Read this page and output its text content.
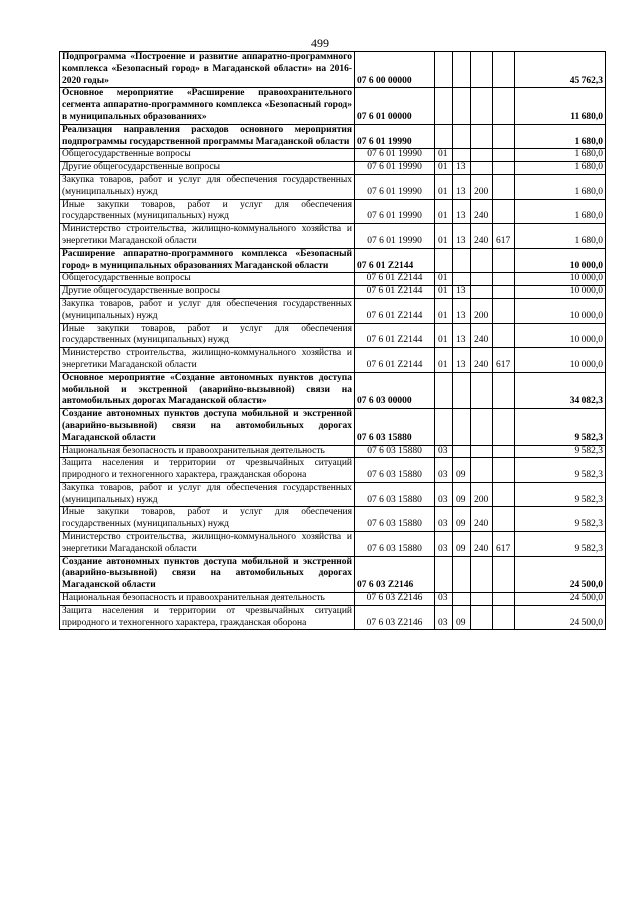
499
Подпрограмма «Построение и развитие аппаратно-программного комплекса «Безопасный город» в Магаданской области» на 2016-2020 годы»	07 6 00 00000					45 762,3
Основное мероприятие «Расширение правоохранительного сегмента аппаратно-программного комплекса «Безопасный город» в муниципальных образованиях»	07 6 01 00000					11 680,0
Реализация направления расходов основного мероприятия подпрограммы государственной программы Магаданской области	07 6 01 19990					1 680,0
Общегосударственные вопросы	07 6 01 19990	01				1 680,0
Другие общегосударственные вопросы	07 6 01 19990	01	13			1 680,0
Закупка товаров, работ и услуг для обеспечения государственных (муниципальных) нужд	07 6 01 19990	01	13	200		1 680,0
Иные закупки товаров, работ и услуг для обеспечения государственных (муниципальных) нужд	07 6 01 19990	01	13	240		1 680,0
Министерство строительства, жилищно-коммунального хозяйства и энергетики Магаданской области	07 6 01 19990	01	13	240	617	1 680,0
Расширение аппаратно-программного комплекса «Безопасный город» в муниципальных образованиях Магаданской области	07 6 01 Z2144					10 000,0
Общегосударственные вопросы	07 6 01 Z2144	01				10 000,0
Другие общегосударственные вопросы	07 6 01 Z2144	01	13			10 000,0
Закупка товаров, работ и услуг для обеспечения государственных (муниципальных) нужд	07 6 01 Z2144	01	13	200		10 000,0
Иные закупки товаров, работ и услуг для обеспечения государственных (муниципальных) нужд	07 6 01 Z2144	01	13	240		10 000,0
Министерство строительства, жилищно-коммунального хозяйства и энергетики Магаданской области	07 6 01 Z2144	01	13	240	617	10 000,0
Основное мероприятие «Создание автономных пунктов доступа мобильной и экстренной (аварийно-вызывной) связи на автомобильных дорогах Магаданской области»	07 6 03 00000					34 082,3
Создание автономных пунктов доступа мобильной и экстренной (аварийно-вызывной) связи на автомобильных дорогах Магаданской области	07 6 03 15880					9 582,3
Национальная безопасность и правоохранительная деятельность	07 6 03 15880	03				9 582,3
Защита населения и территории от чрезвычайных ситуаций природного и техногенного характера, гражданская оборона	07 6 03 15880	03	09			9 582,3
Закупка товаров, работ и услуг для обеспечения государственных (муниципальных) нужд	07 6 03 15880	03	09	200		9 582,3
Иные закупки товаров, работ и услуг для обеспечения государственных (муниципальных) нужд	07 6 03 15880	03	09	240		9 582,3
Министерство строительства, жилищно-коммунального хозяйства и энергетики Магаданской области	07 6 03 15880	03	09	240	617	9 582,3
Создание автономных пунктов доступа мобильной и экстренной (аварийно-вызывной) связи на автомобильных дорогах Магаданской области	07 6 03 Z2146					24 500,0
Национальная безопасность и правоохранительная деятельность	07 6 03 Z2146	03				24 500,0
Защита населения и территории от чрезвычайных ситуаций природного и техногенного характера, гражданская оборона	07 6 03 Z2146	03	09			24 500,0
